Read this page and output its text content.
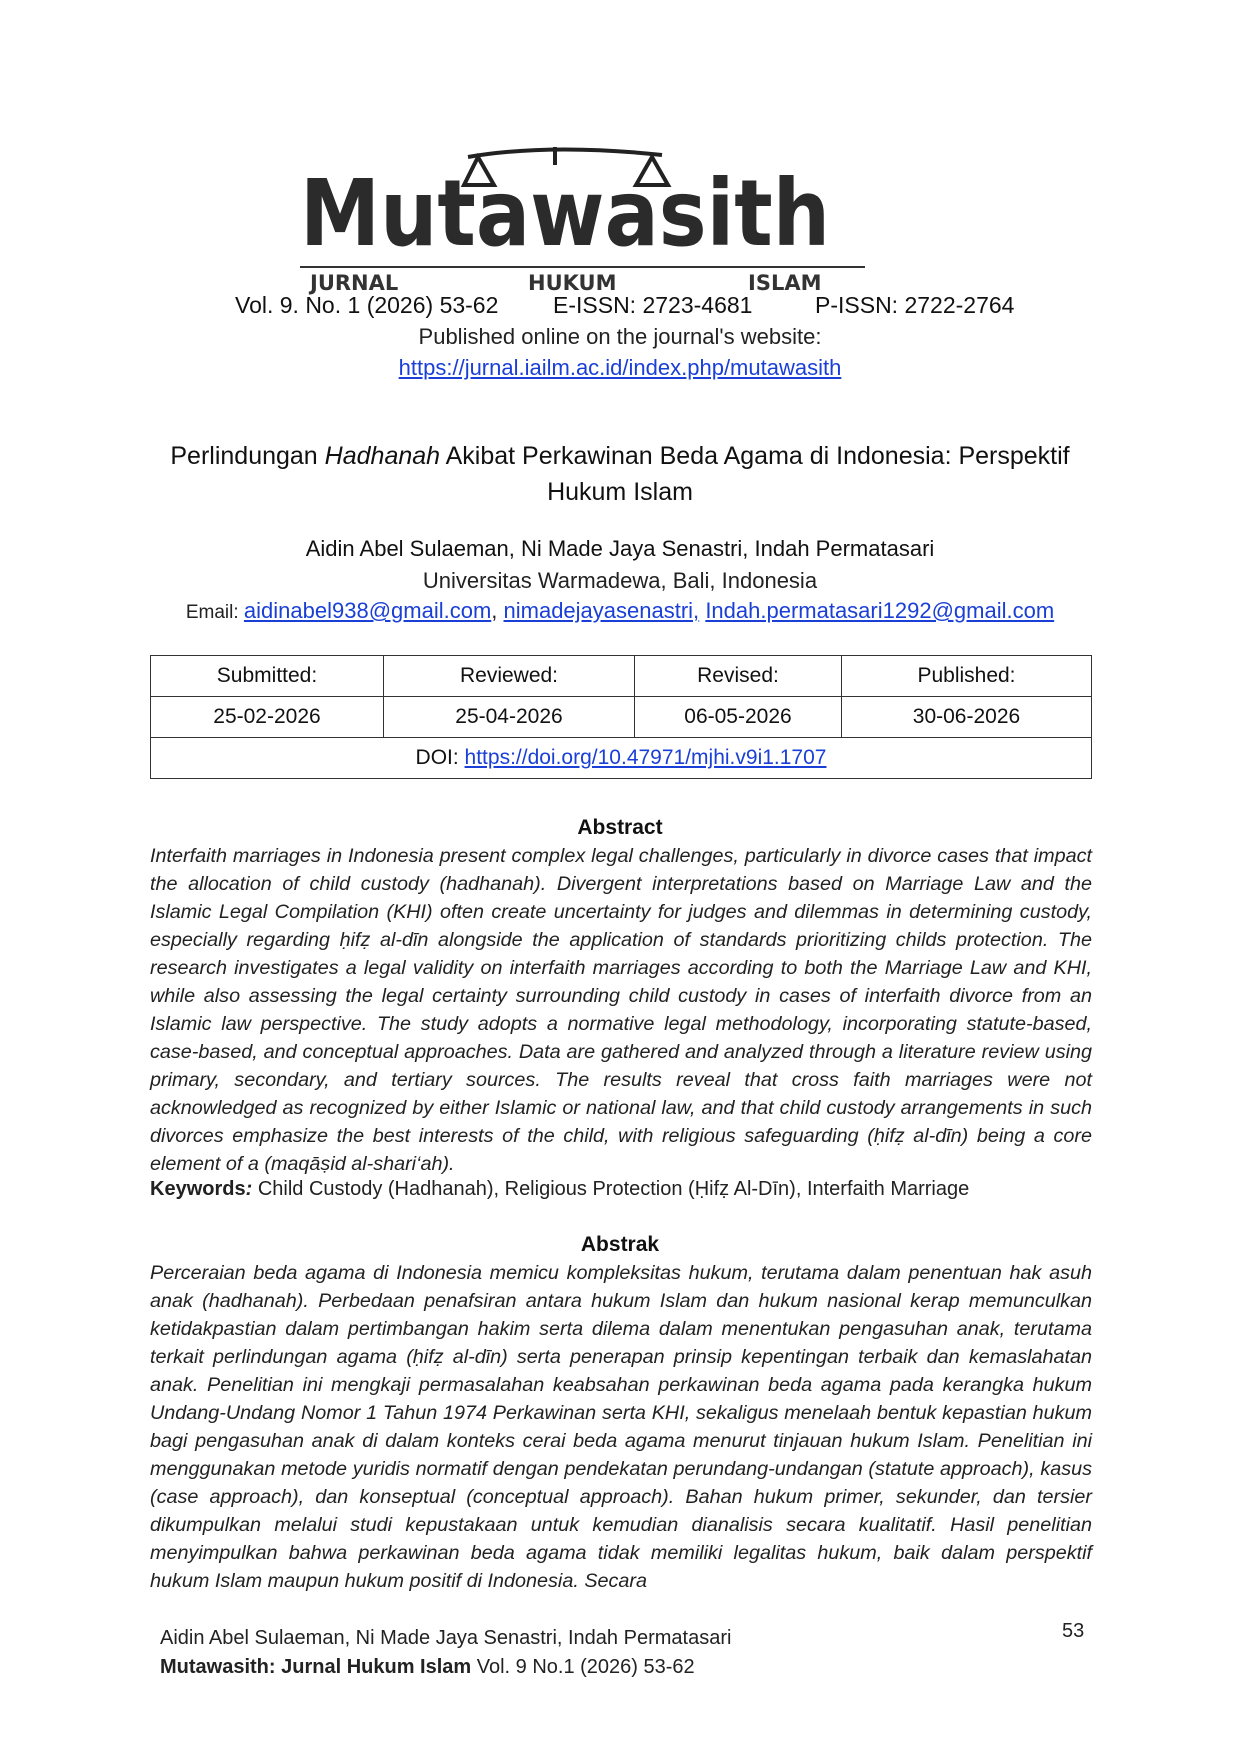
Mutawasith
JURNAL	HUKUM	ISLAM
Vol. 9. No. 1 (2026) 53-62 E-ISSN: 2723-4681	P-ISSN: 2722-2764
Published online on the journal's website:
https://jurnal.iailm.ac.id/index.php/mutawasith
Perlindungan Hadhanah Akibat Perkawinan Beda Agama di Indonesia: Perspektif Hukum Islam
Aidin Abel Sulaeman, Ni Made Jaya Senastri, Indah Permatasari
Universitas Warmadewa, Bali, Indonesia
Email: aidinabel938@gmail.com, nimadejayasenastri, Indah.permatasari1292@gmail.com
Submitted:	Reviewed:	Revised:	Published:
25-02-2026	25-04-2026	06-05-2026	30-06-2026
DOI: https://doi.org/10.47971/mjhi.v9i1.1707			
Abstract
Interfaith marriages in Indonesia present complex legal challenges, particularly in divorce cases that impact the allocation of child custody (hadhanah). Divergent interpretations based on Marriage Law and the Islamic Legal Compilation (KHI) often create uncertainty for judges and dilemmas in determining custody, especially regarding ḥifẓ al-dīn alongside the application of standards prioritizing childs protection. The research investigates a legal validity on interfaith marriages according to both the Marriage Law and KHI, while also assessing the legal certainty surrounding child custody in cases of interfaith divorce from an Islamic law perspective. The study adopts a normative legal methodology, incorporating statute-based, case-based, and conceptual approaches. Data are gathered and analyzed through a literature review using primary, secondary, and tertiary sources. The results reveal that cross faith marriages were not acknowledged as recognized by either Islamic or national law, and that child custody arrangements in such divorces emphasize the best interests of the child, with religious safeguarding (ḥifẓ al-dīn) being a core element of a (maqāṣid al-shari‘ah).
Keywords: Child Custody (Hadhanah), Religious Protection (Ḥifẓ Al-Dīn), Interfaith Marriage
Abstrak
Perceraian beda agama di Indonesia memicu kompleksitas hukum, terutama dalam penentuan hak asuh anak (hadhanah). Perbedaan penafsiran antara hukum Islam dan hukum nasional kerap memunculkan ketidakpastian dalam pertimbangan hakim serta dilema dalam menentukan pengasuhan anak, terutama terkait perlindungan agama (ḥifẓ al-dīn) serta penerapan prinsip kepentingan terbaik dan kemaslahatan anak. Penelitian ini mengkaji permasalahan keabsahan perkawinan beda agama pada kerangka hukum Undang-Undang Nomor 1 Tahun 1974 Perkawinan serta KHI, sekaligus menelaah bentuk kepastian hukum bagi pengasuhan anak di dalam konteks cerai beda agama menurut tinjauan hukum Islam. Penelitian ini menggunakan metode yuridis normatif dengan pendekatan perundang-undangan (statute approach), kasus (case approach), dan konseptual (conceptual approach). Bahan hukum primer, sekunder, dan tersier dikumpulkan melalui studi kepustakaan untuk kemudian dianalisis secara kualitatif. Hasil penelitian menyimpulkan bahwa perkawinan beda agama tidak memiliki legalitas hukum, baik dalam perspektif hukum Islam maupun hukum positif di Indonesia. Secara
Aidin Abel Sulaeman, Ni Made Jaya Senastri, Indah Permatasari
Mutawasith: Jurnal Hukum Islam Vol. 9 No.1 (2026) 53-62
53
